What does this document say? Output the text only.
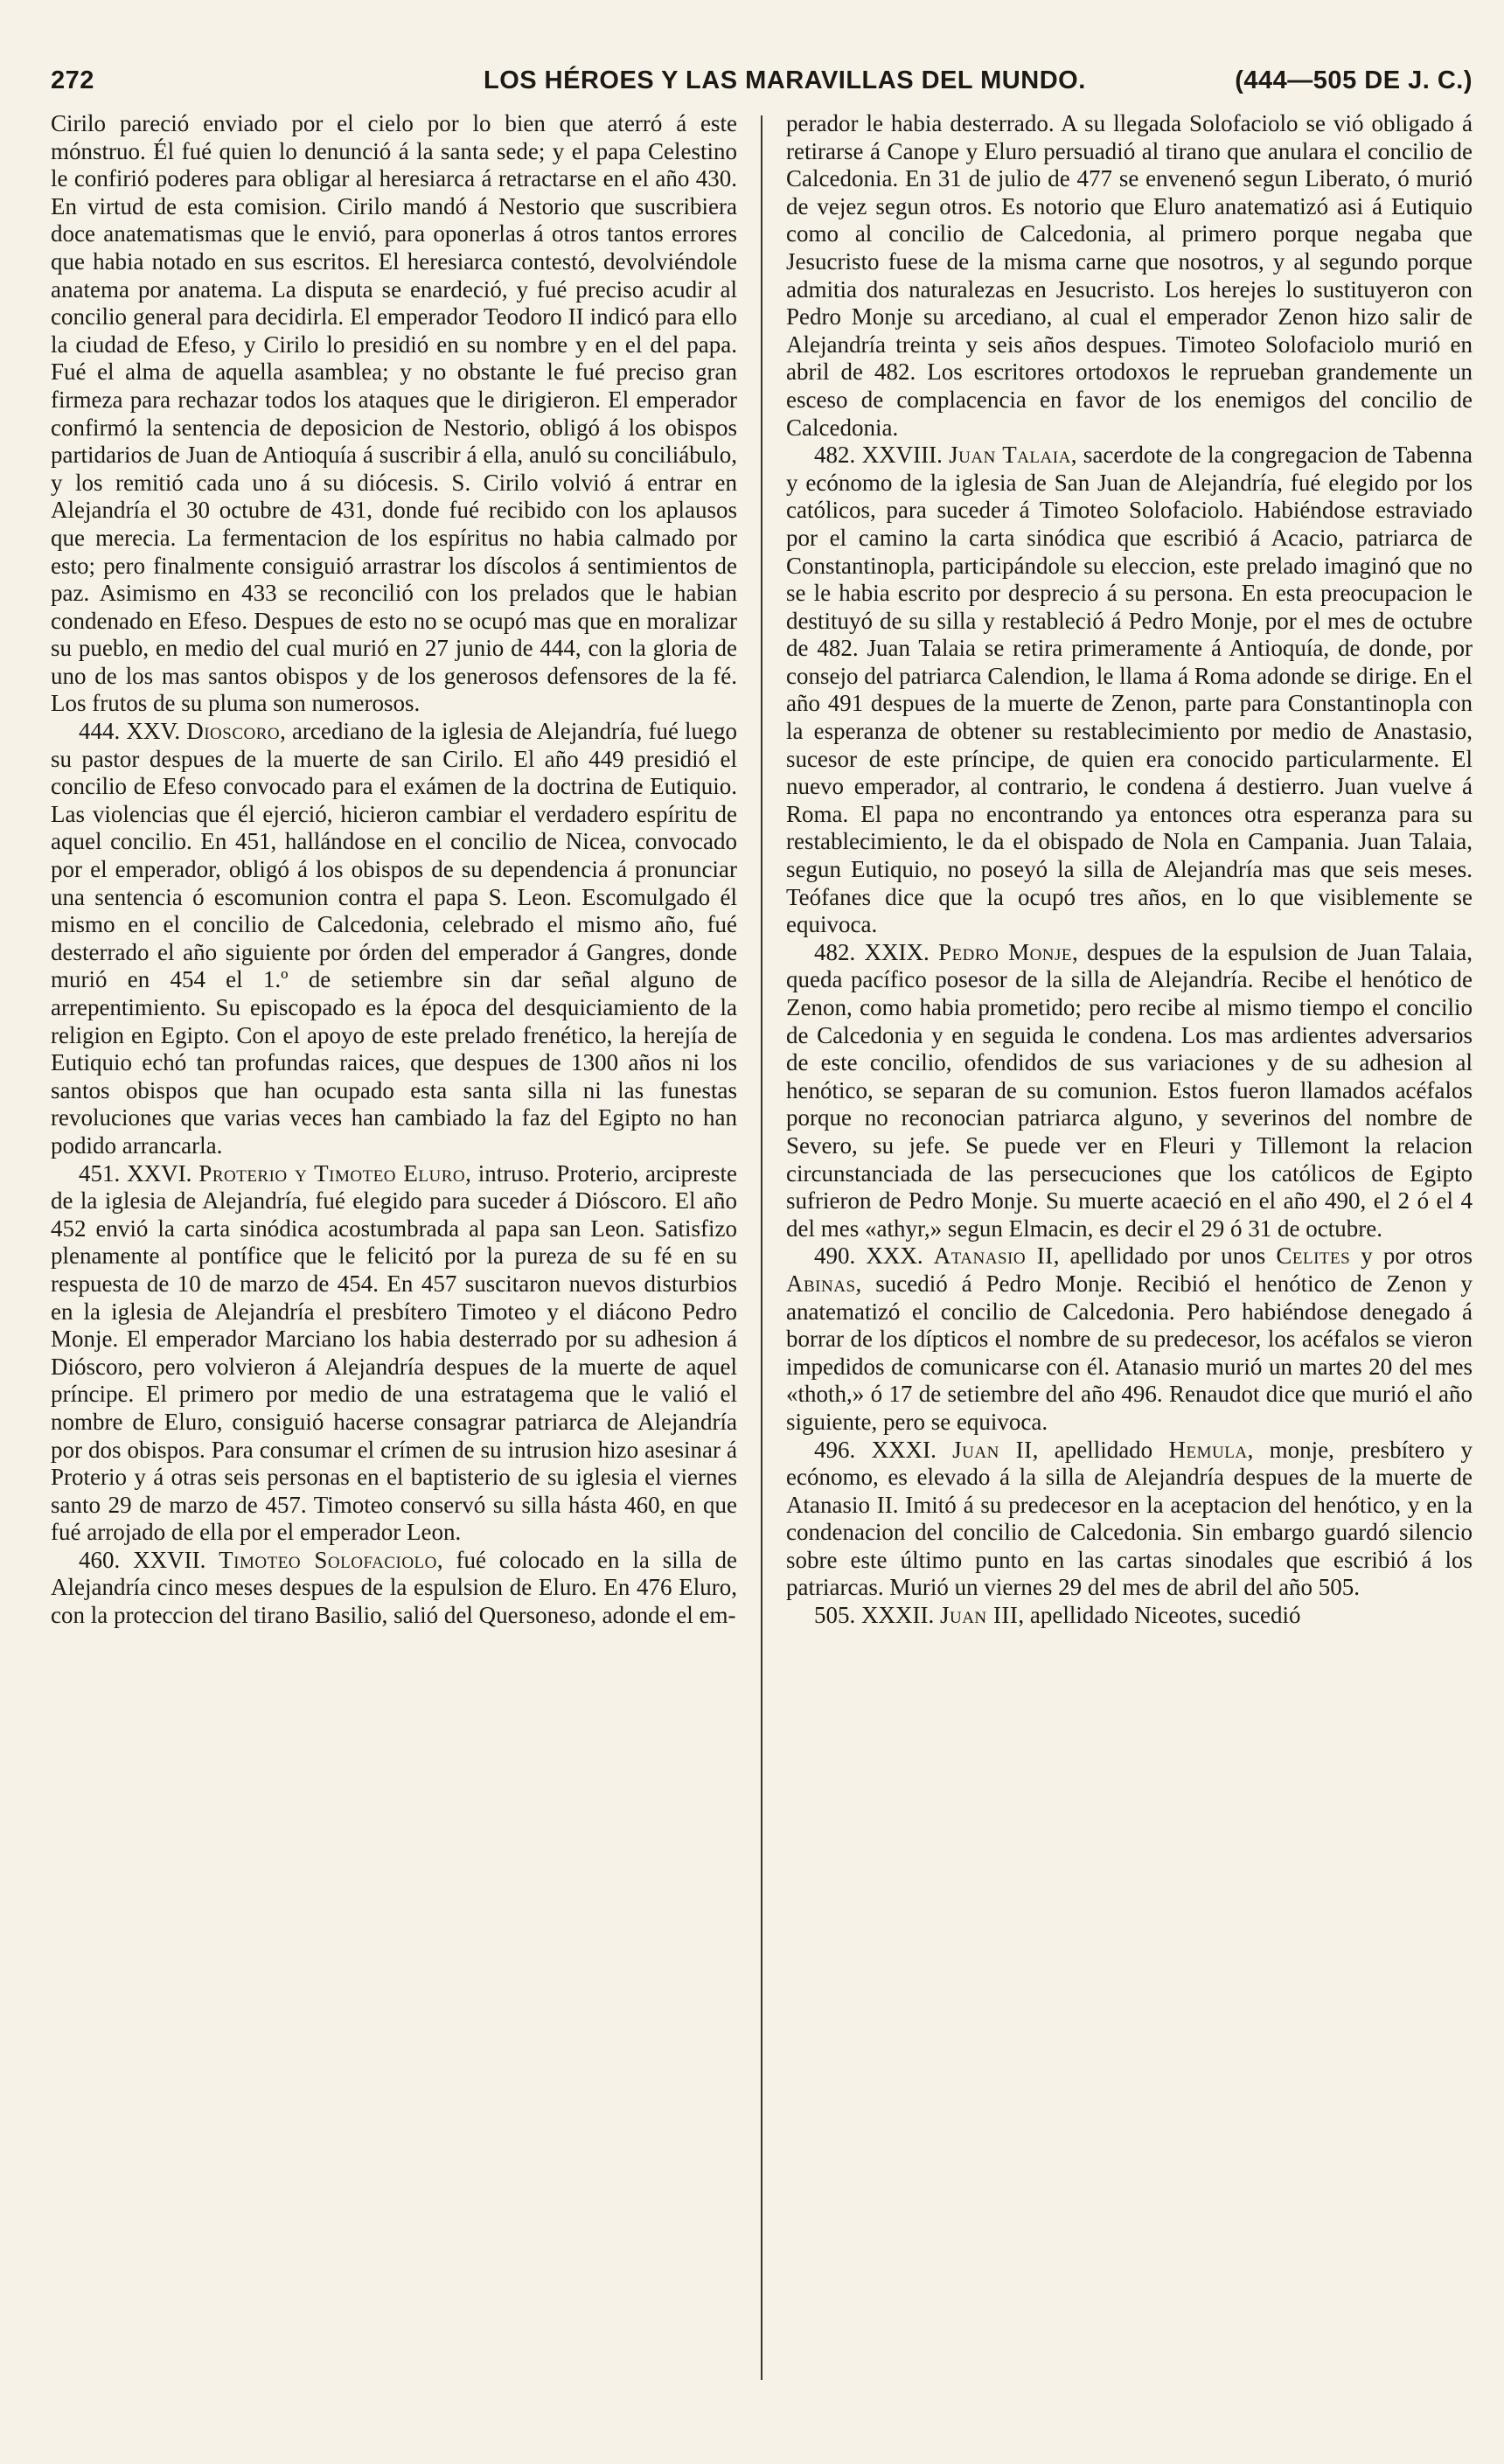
272	LOS HÉROES Y LAS MARAVILLAS DEL MUNDO.	(444—505 DE J. C.)

Cirilo pareció enviado por el cielo por lo bien que aterró á este mónstruo. Él fué quien lo denunció á la santa sede; y el papa Celestino le confirió poderes para obligar al heresiarca á retractarse en el año 430. En virtud de esta comision. Cirilo mandó á Nestorio que suscribiera doce anatematismas que le envió, para oponerlas á otros tantos errores que habia notado en sus escritos. El heresiarca contestó, devolviéndole anatema por anatema. La disputa se enardeció, y fué preciso acudir al concilio general para decidirla. El emperador Teodoro II indicó para ello la ciudad de Efeso, y Cirilo lo presidió en su nombre y en el del papa. Fué el alma de aquella asamblea; y no obstante le fué preciso gran firmeza para rechazar todos los ataques que le dirigieron. El emperador confirmó la sentencia de deposicion de Nestorio, obligó á los obispos partidarios de Juan de Antioquía á suscribir á ella, anuló su conciliábulo, y los remitió cada uno á su diócesis. S. Cirilo volvió á entrar en Alejandría el 30 octubre de 431, donde fué recibido con los aplausos que merecia. La fermentacion de los espíritus no habia calmado por esto; pero finalmente consiguió arrastrar los díscolos á sentimientos de paz. Asimismo en 433 se reconcilió con los prelados que le habian condenado en Efeso. Despues de esto no se ocupó mas que en moralizar su pueblo, en medio del cual murió en 27 junio de 444, con la gloria de uno de los mas santos obispos y de los generosos defensores de la fé. Los frutos de su pluma son numerosos.

444. XXV. Dioscoro, arcediano de la iglesia de Alejandría, fué luego su pastor despues de la muerte de san Cirilo. El año 449 presidió el concilio de Efeso convocado para el exámen de la doctrina de Eutiquio. Las violencias que él ejerció, hicieron cambiar el verdadero espíritu de aquel concilio. En 451, hallándose en el concilio de Nicea, convocado por el emperador, obligó á los obispos de su dependencia á pronunciar una sentencia ó escomunion contra el papa S. Leon. Escomulgado él mismo en el concilio de Calcedonia, celebrado el mismo año, fué desterrado el año siguiente por órden del emperador á Gangres, donde murió en 454 el 1.º de setiembre sin dar señal alguno de arrepentimiento. Su episcopado es la época del desquiciamiento de la religion en Egipto. Con el apoyo de este prelado frenético, la herejía de Eutiquio echó tan profundas raices, que despues de 1300 años ni los santos obispos que han ocupado esta santa silla ni las funestas revoluciones que varias veces han cambiado la faz del Egipto no han podido arrancarla.

451. XXVI. Proterio y Timoteo Eluro, intruso. Proterio, arcipreste de la iglesia de Alejandría, fué elegido para suceder á Dióscoro. El año 452 envió la carta sinódica acostumbrada al papa san Leon. Satisfizo plenamente al pontífice que le felicitó por la pureza de su fé en su respuesta de 10 de marzo de 454. En 457 suscitaron nuevos disturbios en la iglesia de Alejandría el presbítero Timoteo y el diácono Pedro Monje. El emperador Marciano los habia desterrado por su adhesion á Dióscoro, pero volvieron á Alejandría despues de la muerte de aquel príncipe. El primero por medio de una estratagema que le valió el nombre de Eluro, consiguió hacerse consagrar patriarca de Alejandría por dos obispos. Para consumar el crímen de su intrusion hizo asesinar á Proterio y á otras seis personas en el baptisterio de su iglesia el viernes santo 29 de marzo de 457. Timoteo conservó su silla hásta 460, en que fué arrojado de ella por el emperador Leon.

460. XXVII. Timoteo Solofaciolo, fué colocado en la silla de Alejandría cinco meses despues de la espulsion de Eluro. En 476 Eluro, con la proteccion del tirano Basilio, salió del Quersoneso, adonde el em-

perador le habia desterrado. A su llegada Solofaciolo se vió obligado á retirarse á Canope y Eluro persuadió al tirano que anulara el concilio de Calcedonia. En 31 de julio de 477 se envenenó segun Liberato, ó murió de vejez segun otros. Es notorio que Eluro anatematizó asi á Eutiquio como al concilio de Calcedonia, al primero porque negaba que Jesucristo fuese de la misma carne que nosotros, y al segundo porque admitia dos naturalezas en Jesucristo. Los herejes lo sustituyeron con Pedro Monje su arcediano, al cual el emperador Zenon hizo salir de Alejandría treinta y seis años despues. Timoteo Solofaciolo murió en abril de 482. Los escritores ortodoxos le reprueban grandemente un esceso de complacencia en favor de los enemigos del concilio de Calcedonia.

482. XXVIII. Juan Talaia, sacerdote de la congregacion de Tabenna y ecónomo de la iglesia de San Juan de Alejandría, fué elegido por los católicos, para suceder á Timoteo Solofaciolo. Habiéndose estraviado por el camino la carta sinódica que escribió á Acacio, patriarca de Constantinopla, participándole su eleccion, este prelado imaginó que no se le habia escrito por desprecio á su persona. En esta preocupacion le destituyó de su silla y restableció á Pedro Monje, por el mes de octubre de 482. Juan Talaia se retira primeramente á Antioquía, de donde, por consejo del patriarca Calendion, le llama á Roma adonde se dirige. En el año 491 despues de la muerte de Zenon, parte para Constantinopla con la esperanza de obtener su restablecimiento por medio de Anastasio, sucesor de este príncipe, de quien era conocido particularmente. El nuevo emperador, al contrario, le condena á destierro. Juan vuelve á Roma. El papa no encontrando ya entonces otra esperanza para su restablecimiento, le da el obispado de Nola en Campania. Juan Talaia, segun Eutiquio, no poseyó la silla de Alejandría mas que seis meses. Teófanes dice que la ocupó tres años, en lo que visiblemente se equivoca.

482. XXIX. Pedro Monje, despues de la espulsion de Juan Talaia, queda pacífico posesor de la silla de Alejandría. Recibe el henótico de Zenon, como habia prometido; pero recibe al mismo tiempo el concilio de Calcedonia y en seguida le condena. Los mas ardientes adversarios de este concilio, ofendidos de sus variaciones y de su adhesion al henótico, se separan de su comunion. Estos fueron llamados acéfalos porque no reconocian patriarca alguno, y severinos del nombre de Severo, su jefe. Se puede ver en Fleuri y Tillemont la relacion circunstanciada de las persecuciones que los católicos de Egipto sufrieron de Pedro Monje. Su muerte acaeció en el año 490, el 2 ó el 4 del mes «athyr,» segun Elmacin, es decir el 29 ó 31 de octubre.

490. XXX. Atanasio II, apellidado por unos Celites y por otros Abinas, sucedió á Pedro Monje. Recibió el henótico de Zenon y anatematizó el concilio de Calcedonia. Pero habiéndose denegado á borrar de los dípticos el nombre de su predecesor, los acéfalos se vieron impedidos de comunicarse con él. Atanasio murió un martes 20 del mes «thoth,» ó 17 de setiembre del año 496. Renaudot dice que murió el año siguiente, pero se equivoca.

496. XXXI. Juan II, apellidado Hemula, monje, presbítero y ecónomo, es elevado á la silla de Alejandría despues de la muerte de Atanasio II. Imitó á su predecesor en la aceptacion del henótico, y en la condenacion del concilio de Calcedonia. Sin embargo guardó silencio sobre este último punto en las cartas sinodales que escribió á los patriarcas. Murió un viernes 29 del mes de abril del año 505.

505. XXXII. Juan III, apellidado Niceotes, sucedió
